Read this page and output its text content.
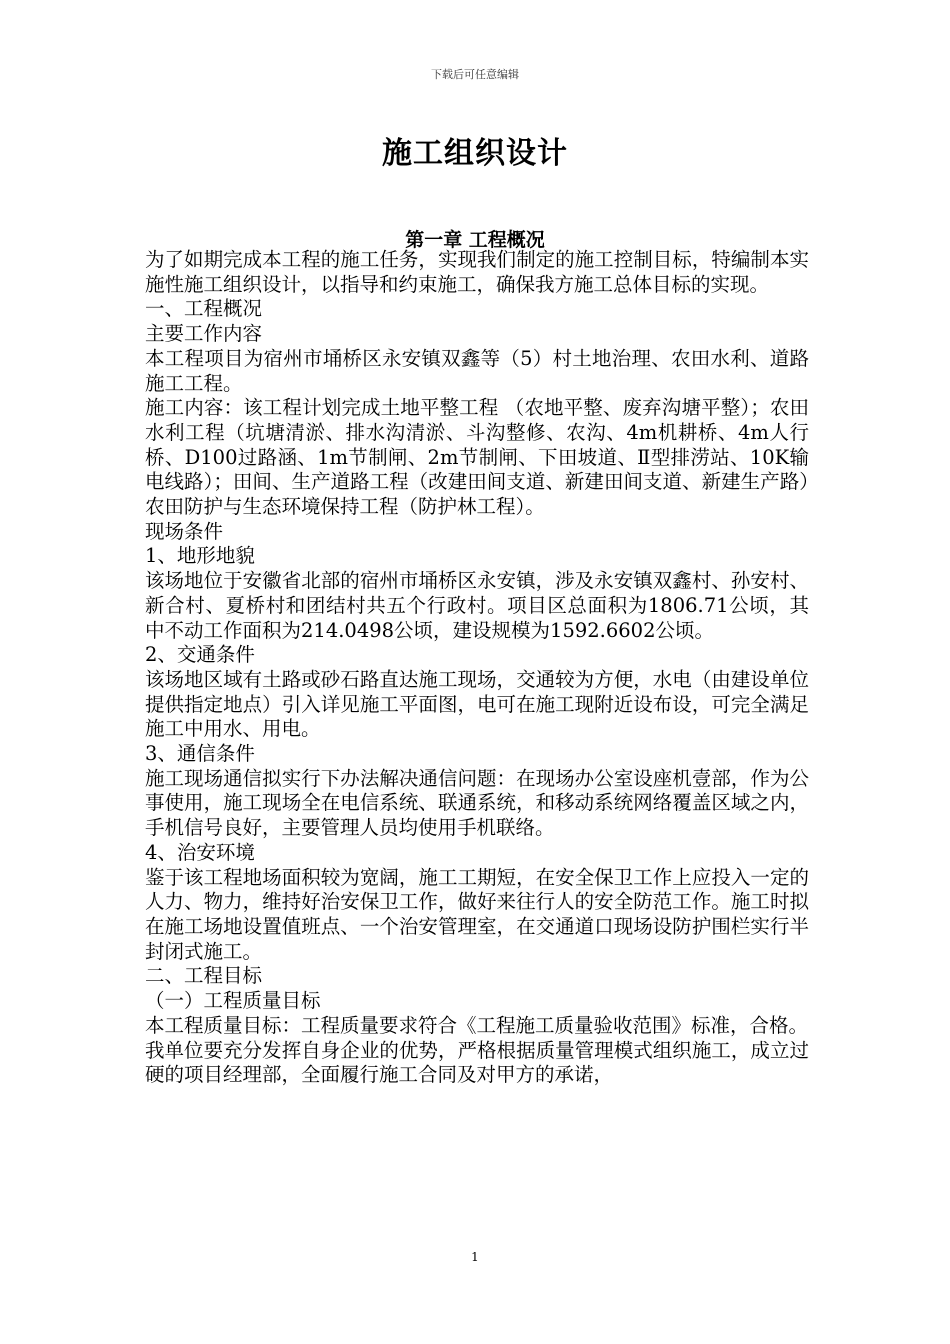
下载后可任意编辑
施工组织设计
第一章 工程概况

为了如期完成本工程的施工任务，实现我们制定的施工控制目标，特编制本实施性施工组织设计，以指导和约束施工，确保我方施工总体目标的实现。

一、工程概况

主要工作内容

本工程项目为宿州市埇桥区永安镇双鑫等（5）村土地治理、农田水利、道路施工工程。

施工内容：该工程计划完成土地平整工程 （农地平整、废弃沟塘平整）；农田水利工程（坑塘清淤、排水沟清淤、斗沟整修、农沟、4m机耕桥、4m人行桥、D100过路涵、1m节制闸、2m节制闸、下田坡道、Ⅱ型排涝站、10K输电线路）；田间、生产道路工程（改建田间支道、新建田间支道、新建生产路）农田防护与生态环境保持工程（防护林工程）。

现场条件

1、地形地貌

该场地位于安徽省北部的宿州市埇桥区永安镇，涉及永安镇双鑫村、孙安村、新合村、夏桥村和团结村共五个行政村。项目区总面积为1806.71公顷，其中不动工作面积为214.0498公顷，建设规模为1592.6602公顷。

2、交通条件

该场地区域有土路或砂石路直达施工现场，交通较为方便，水电（由建设单位提供指定地点）引入详见施工平面图，电可在施工现附近设布设，可完全满足施工中用水、用电。

3、通信条件

施工现场通信拟实行下办法解决通信问题：在现场办公室设座机壹部，作为公事使用，施工现场全在电信系统、联通系统，和移动系统网络覆盖区域之内，手机信号良好，主要管理人员均使用手机联络。

4、治安环境

鉴于该工程地场面积较为宽阔，施工工期短，在安全保卫工作上应投入一定的人力、物力，维持好治安保卫工作，做好来往行人的安全防范工作。施工时拟在施工场地设置值班点、一个治安管理室，在交通道口现场设防护围栏实行半封闭式施工。

二、工程目标

（一）工程质量目标

本工程质量目标：工程质量要求符合《工程施工质量验收范围》标准，合格。

我单位要充分发挥自身企业的优势，严格根据质量管理模式组织施工，成立过硬的项目经理部，全面履行施工合同及对甲方的承诺，

1
